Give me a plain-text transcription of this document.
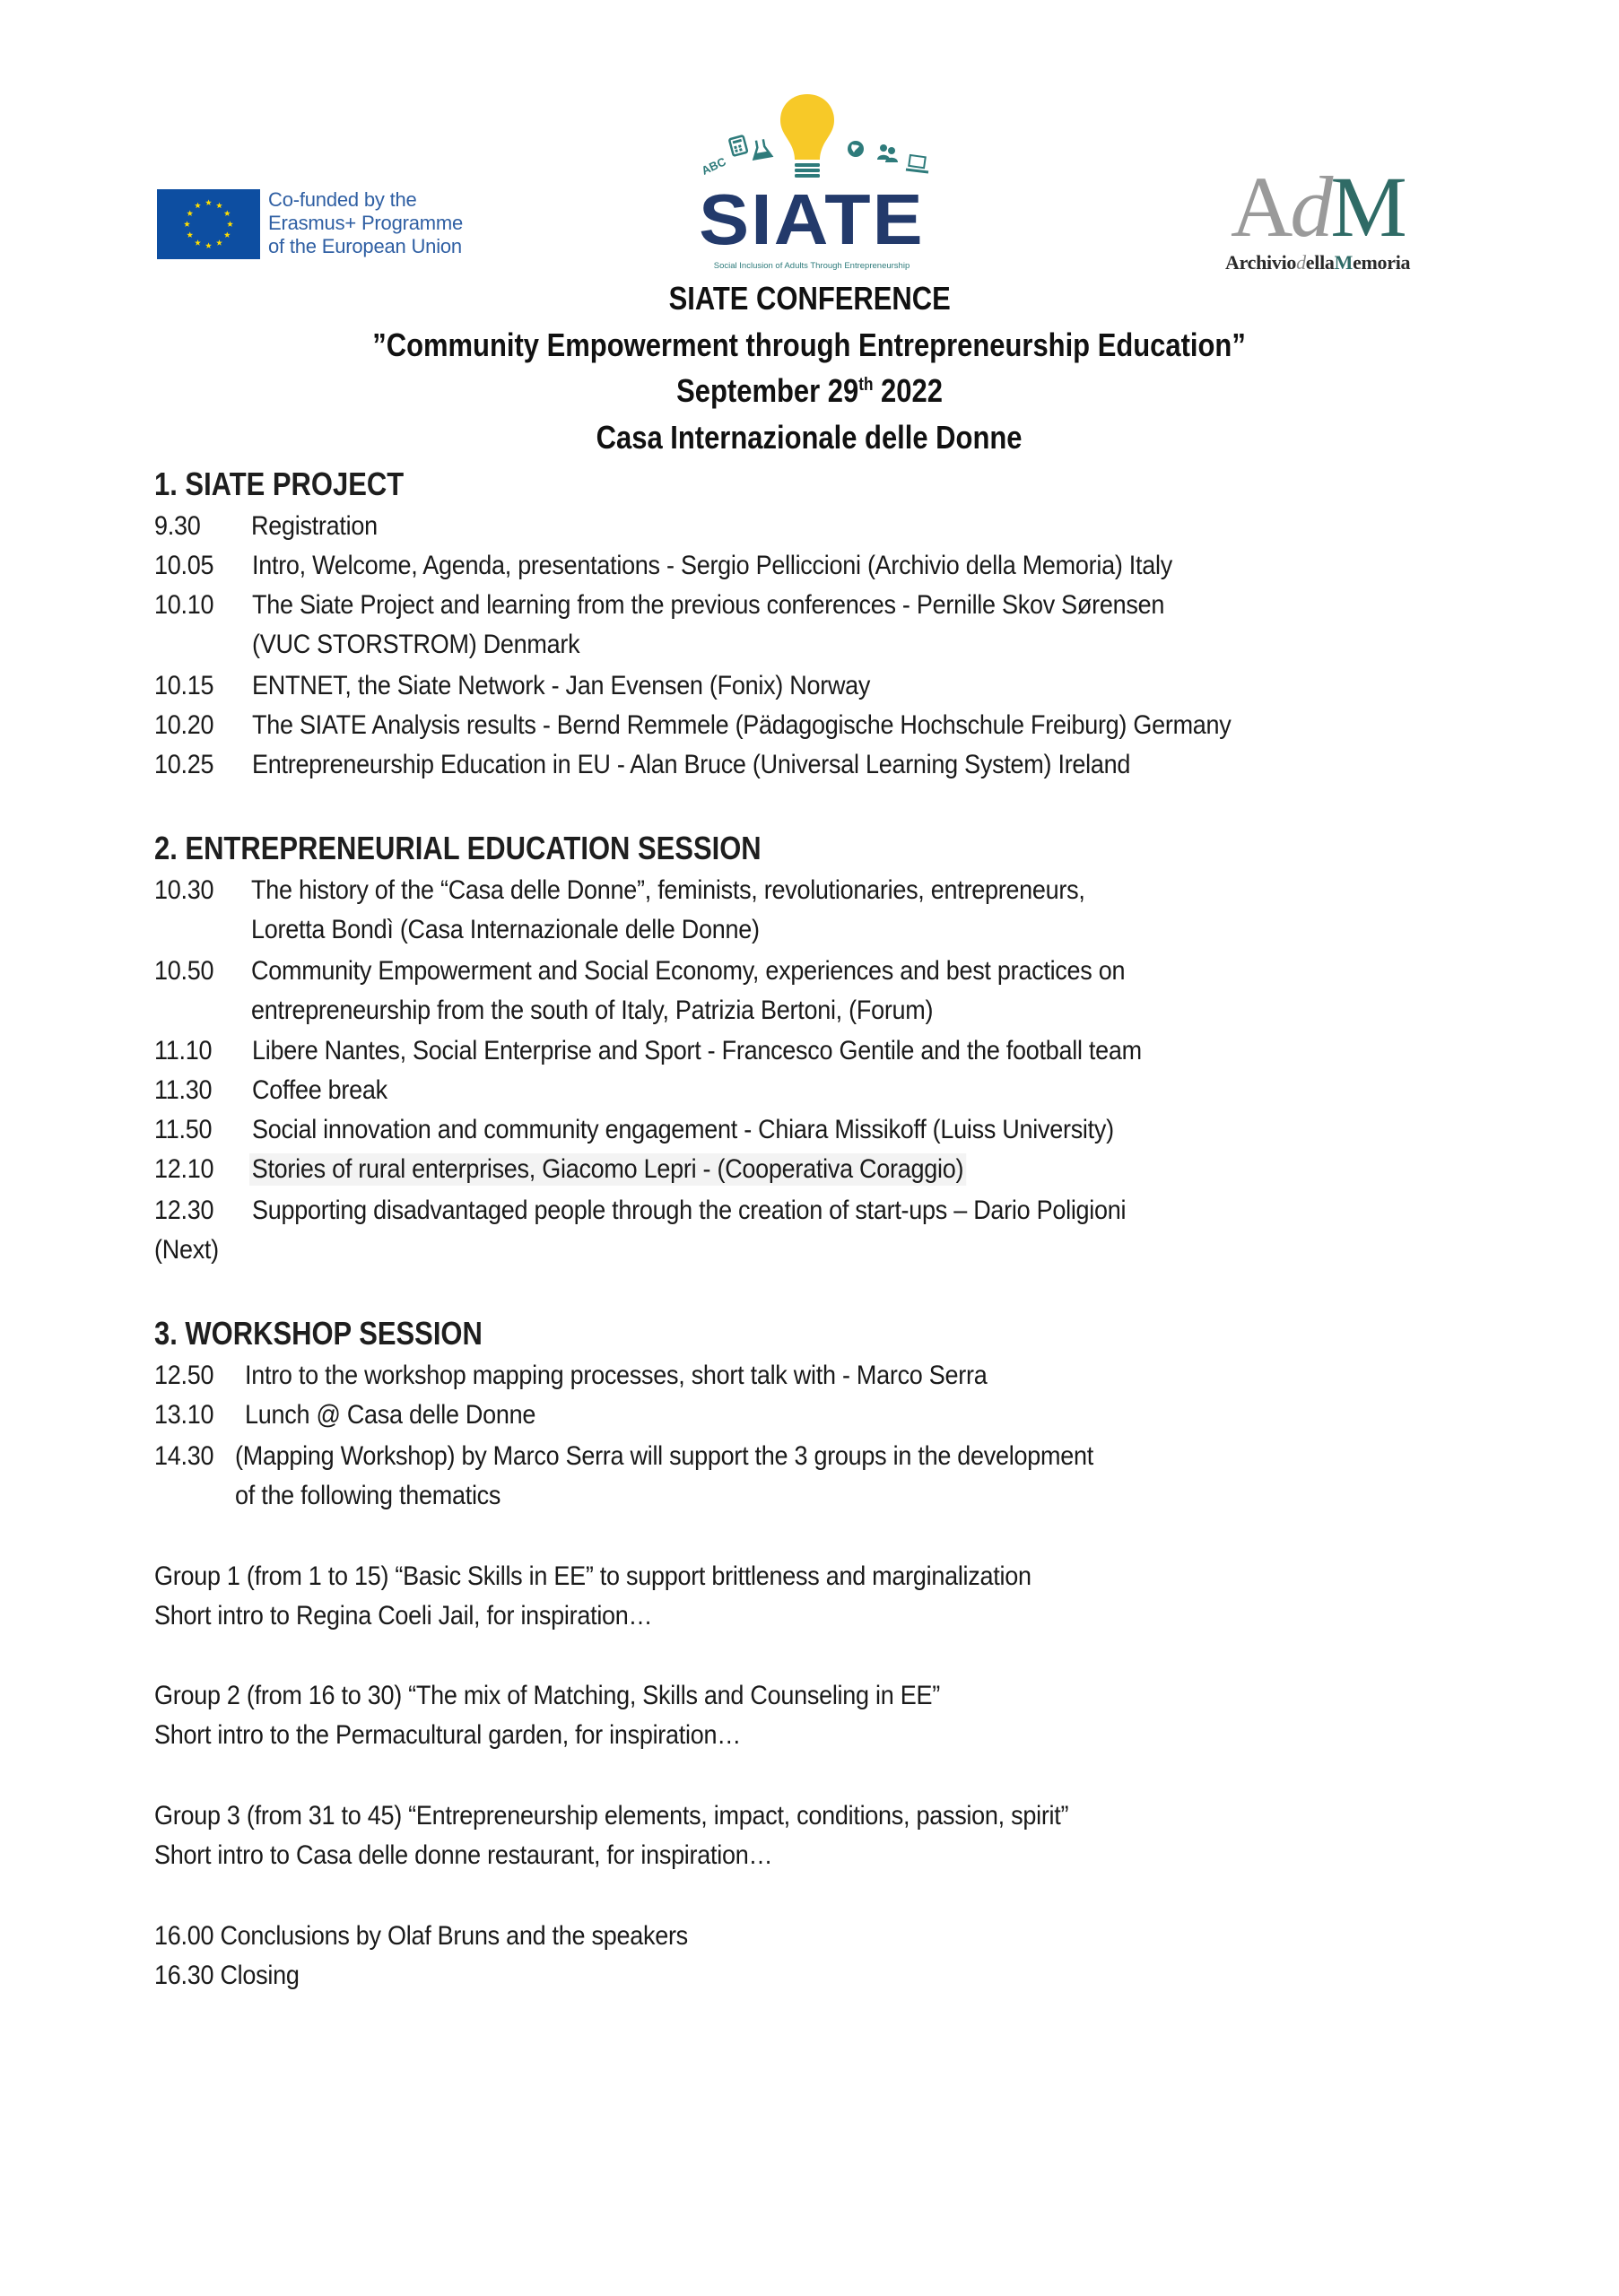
Co-funded by the
Erasmus+ Programme
of the European Union
ABC
SIATE
Social Inclusion of Adults Through Entrepreneurship
AdM
ArchiviodellaMemoria
SIATE CONFERENCE
”Community Empowerment through Entrepreneurship Education”
September 29th 2022
Casa Internazionale delle Donne
1. SIATE PROJECT
9.30	Registration
10.05	Intro, Welcome, Agenda, presentations - Sergio Pelliccioni (Archivio della Memoria) Italy
10.10	The Siate Project and learning from the previous conferences - Pernille Skov Sørensen
(VUC STORSTROM) Denmark
10.15	ENTNET, the Siate Network - Jan Evensen (Fonix) Norway
10.20	The SIATE Analysis results - Bernd Remmele (Pädagogische Hochschule Freiburg) Germany
10.25	Entrepreneurship Education in EU - Alan Bruce (Universal Learning System) Ireland
2. ENTREPRENEURIAL EDUCATION SESSION
10.30	The history of the “Casa delle Donne”, feminists, revolutionaries, entrepreneurs,
Loretta Bondì (Casa Internazionale delle Donne)
10.50	Community Empowerment and Social Economy, experiences and best practices on
entrepreneurship from the south of Italy, Patrizia Bertoni, (Forum)
11.10	Libere Nantes, Social Enterprise and Sport - Francesco Gentile and the football team
11.30	Coffee break
11.50	Social innovation and community engagement - Chiara Missikoff (Luiss University)
12.10	Stories of rural enterprises, Giacomo Lepri - (Cooperativa Coraggio)
12.30	Supporting disadvantaged people through the creation of start-ups – Dario Poligioni
(Next)
3. WORKSHOP SESSION
12.50	Intro to the workshop mapping processes, short talk with - Marco Serra
13.10	Lunch @ Casa delle Donne
14.30 (Mapping Workshop) by Marco Serra will support the 3 groups in the development
of the following thematics
Group 1 (from 1 to 15) “Basic Skills in EE” to support brittleness and marginalization
Short intro to Regina Coeli Jail, for inspiration…
Group 2 (from 16 to 30) “The mix of Matching, Skills and Counseling in EE”
Short intro to the Permacultural garden, for inspiration…
Group 3 (from 31 to 45) “Entrepreneurship elements, impact, conditions, passion, spirit”
Short intro to Casa delle donne restaurant, for inspiration…
16.00 Conclusions by Olaf Bruns and the speakers
16.30 Closing
